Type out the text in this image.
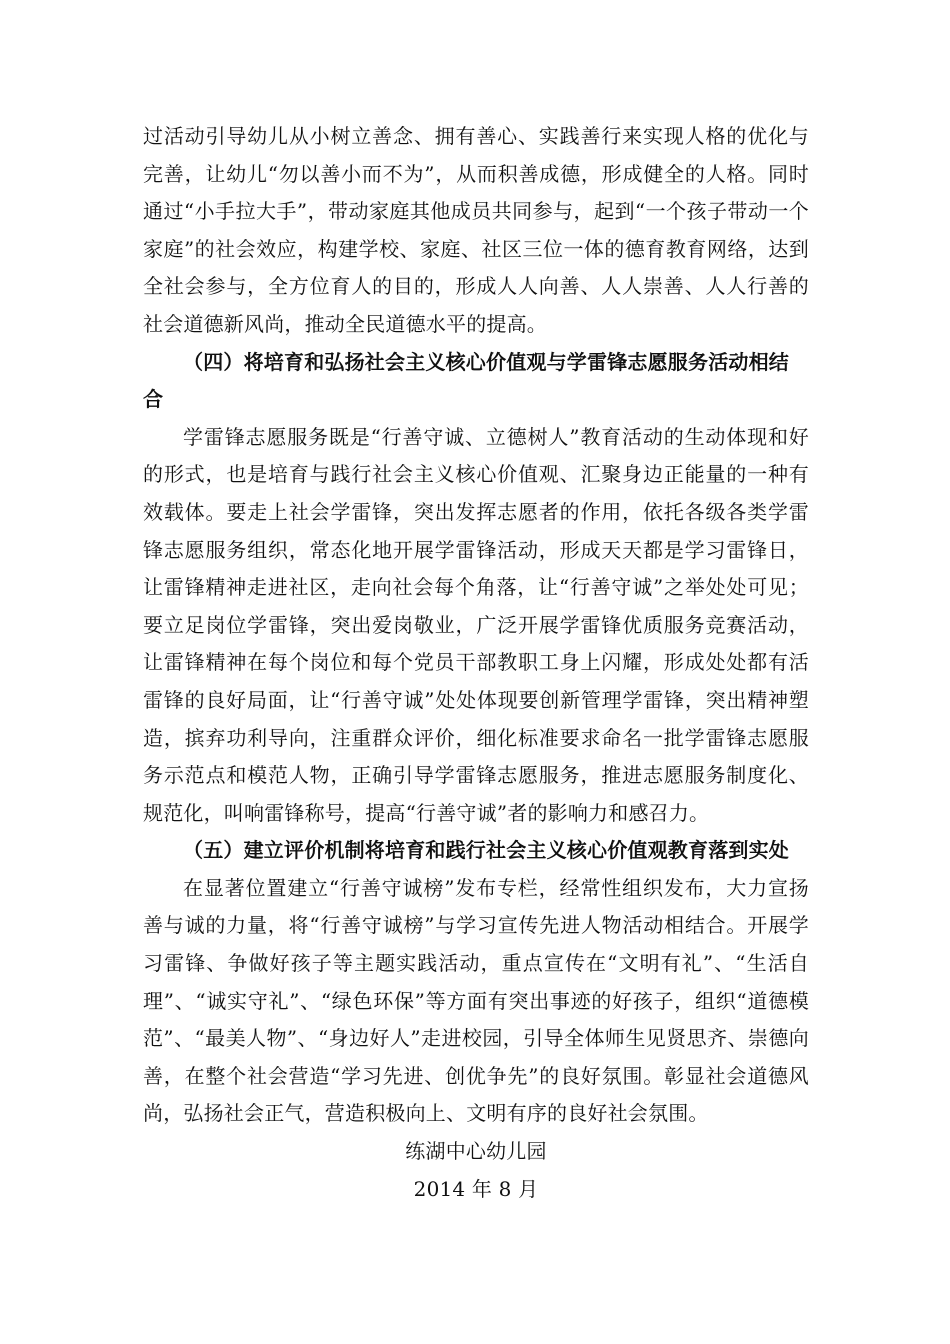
过活动引导幼儿从小树立善念、拥有善心、实践善行来实现人格的优化与完善，让幼儿“勿以善小而不为”，从而积善成德，形成健全的人格。同时通过“小手拉大手”，带动家庭其他成员共同参与，起到“一个孩子带动一个家庭”的社会效应，构建学校、家庭、社区三位一体的德育教育网络，达到全社会参与，全方位育人的目的，形成人人向善、人人崇善、人人行善的社会道德新风尚，推动全民道德水平的提高。

（四）将培育和弘扬社会主义核心价值观与学雷锋志愿服务活动相结合

学雷锋志愿服务既是“行善守诚、立德树人”教育活动的生动体现和好的形式，也是培育与践行社会主义核心价值观、汇聚身边正能量的一种有效载体。要走上社会学雷锋，突出发挥志愿者的作用，依托各级各类学雷锋志愿服务组织，常态化地开展学雷锋活动，形成天天都是学习雷锋日，让雷锋精神走进社区，走向社会每个角落，让“行善守诚”之举处处可见；要立足岗位学雷锋，突出爱岗敬业，广泛开展学雷锋优质服务竞赛活动，让雷锋精神在每个岗位和每个党员干部教职工身上闪耀，形成处处都有活雷锋的良好局面，让“行善守诚”处处体现要创新管理学雷锋，突出精神塑造，摈弃功利导向，注重群众评价，细化标准要求命名一批学雷锋志愿服务示范点和模范人物，正确引导学雷锋志愿服务，推进志愿服务制度化、规范化，叫响雷锋称号，提高“行善守诚”者的影响力和感召力。

（五）建立评价机制将培育和践行社会主义核心价值观教育落到实处

在显著位置建立“行善守诚榜”发布专栏，经常性组织发布，大力宣扬善与诚的力量，将“行善守诚榜”与学习宣传先进人物活动相结合。开展学习雷锋、争做好孩子等主题实践活动，重点宣传在“文明有礼”、“生活自理”、“诚实守礼”、“绿色环保”等方面有突出事迹的好孩子，组织“道德模范”、“最美人物”、“身边好人”走进校园，引导全体师生见贤思齐、崇德向善，在整个社会营造“学习先进、创优争先”的良好氛围。彰显社会道德风尚，弘扬社会正气，营造积极向上、文明有序的良好社会氛围。

练湖中心幼儿园

2014 年 8 月
